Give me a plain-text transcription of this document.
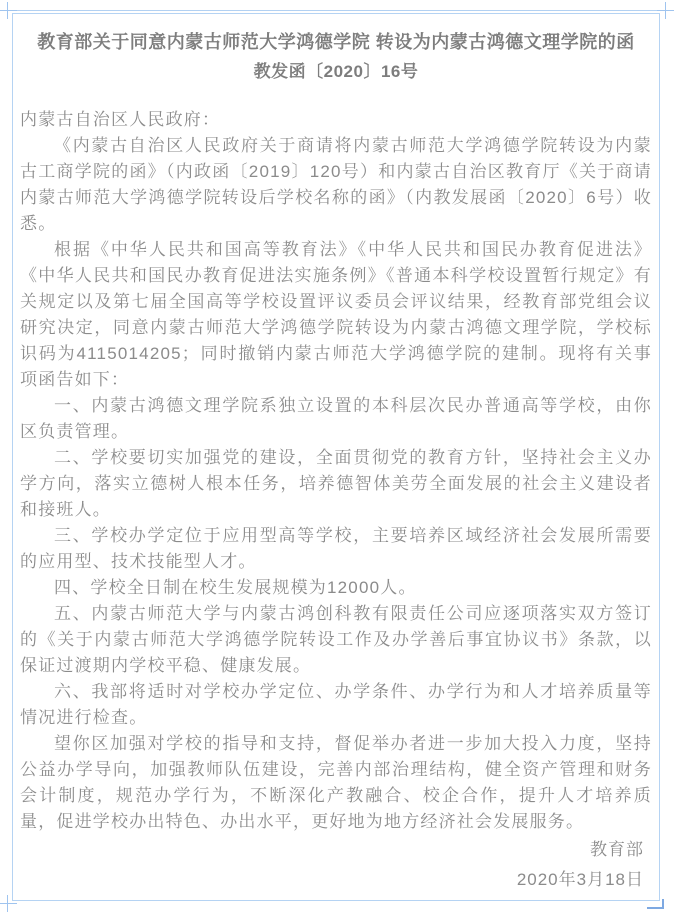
教育部关于同意内蒙古师范大学鸿德学院 转设为内蒙古鸿德文理学院的函
教发函〔2020〕16号

内蒙古自治区人民政府：

《内蒙古自治区人民政府关于商请将内蒙古师范大学鸿德学院转设为内蒙古工商学院的函》（内政函〔2019〕120号）和内蒙古自治区教育厅《关于商请内蒙古师范大学鸿德学院转设后学校名称的函》（内教发展函〔2020〕6号）收悉。

根据《中华人民共和国高等教育法》《中华人民共和国民办教育促进法》《中华人民共和国民办教育促进法实施条例》《普通本科学校设置暂行规定》有关规定以及第七届全国高等学校设置评议委员会评议结果，经教育部党组会议研究决定，同意内蒙古师范大学鸿德学院转设为内蒙古鸿德文理学院，学校标识码为4115014205；同时撤销内蒙古师范大学鸿德学院的建制。现将有关事项函告如下：

一、内蒙古鸿德文理学院系独立设置的本科层次民办普通高等学校，由你区负责管理。

二、学校要切实加强党的建设，全面贯彻党的教育方针，坚持社会主义办学方向，落实立德树人根本任务，培养德智体美劳全面发展的社会主义建设者和接班人。

三、学校办学定位于应用型高等学校，主要培养区域经济社会发展所需要的应用型、技术技能型人才。

四、学校全日制在校生发展规模为12000人。

五、内蒙古师范大学与内蒙古鸿创科教有限责任公司应逐项落实双方签订的《关于内蒙古师范大学鸿德学院转设工作及办学善后事宜协议书》条款，以保证过渡期内学校平稳、健康发展。

六、我部将适时对学校办学定位、办学条件、办学行为和人才培养质量等情况进行检查。

望你区加强对学校的指导和支持，督促举办者进一步加大投入力度，坚持公益办学导向，加强教师队伍建设，完善内部治理结构，健全资产管理和财务会计制度，规范办学行为，不断深化产教融合、校企合作，提升人才培养质量，促进学校办出特色、办出水平，更好地为地方经济社会发展服务。

教育部
2020年3月18日
